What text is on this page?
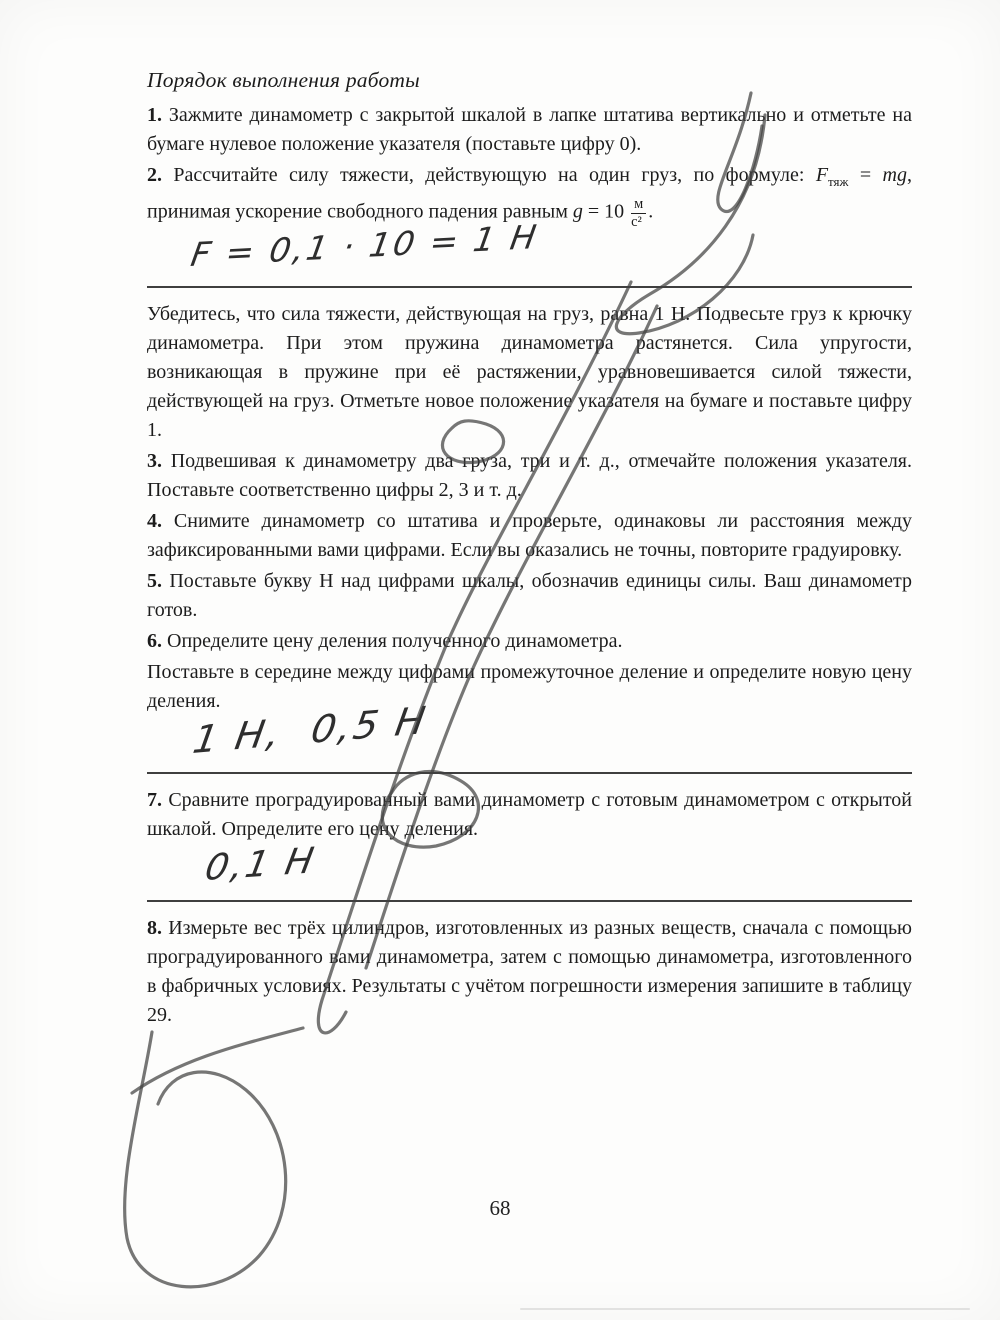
Порядок выполнения работы

1. Зажмите динамометр с закрытой шкалой в лапке штатива вертикально и отметьте на бумаге нулевое положение указателя (поставьте цифру 0).

2. Рассчитайте силу тяжести, действующую на один груз, по формуле: $F_{тяж}$ = mg, принимая ускорение свободного падения равным $g = 10 \frac{м}{\text{с²}}$ .

F = 0,1 · 10 = 1 Н

Убедитесь, что сила тяжести, действующая на груз, равна 1 Н. Подвесьте груз к крючку динамометра. При этом пружина динамометра растянется. Сила упругости, возникающая в пружине при её растяжении, уравновешивается силой тяжести, действующей на груз. Отметьте новое положение указателя на бумаге и поставьте цифру 1.

3. Подвешивая к динамометру два груза, три и т. д., отмечайте положения указателя. Поставьте соответственно цифры 2, 3 и т. д.

4. Снимите динамометр со штатива и проверьте, одинаковы ли расстояния между зафиксированными вами цифрами. Если вы оказались не точны, повторите градуировку.

5. Поставьте букву Н над цифрами шкалы, обозначив единицы силы. Ваш динамометр готов.

6. Определите цену деления полученного динамометра.

Поставьте в середине между цифрами промежуточное деление и определите новую цену деления.

1 Н,  0,5 Н

7. Сравните проградуированный вами динамометр с готовым динамометром с открытой шкалой. Определите его цену деления.

0,1 Н

8. Измерьте вес трёх цилиндров, изготовленных из разных веществ, сначала с помощью проградуированного вами динамометра, затем с помощью динамометра, изготовленного в фабричных условиях. Результаты с учётом погрешности измерения запишите в таблицу 29.

68
